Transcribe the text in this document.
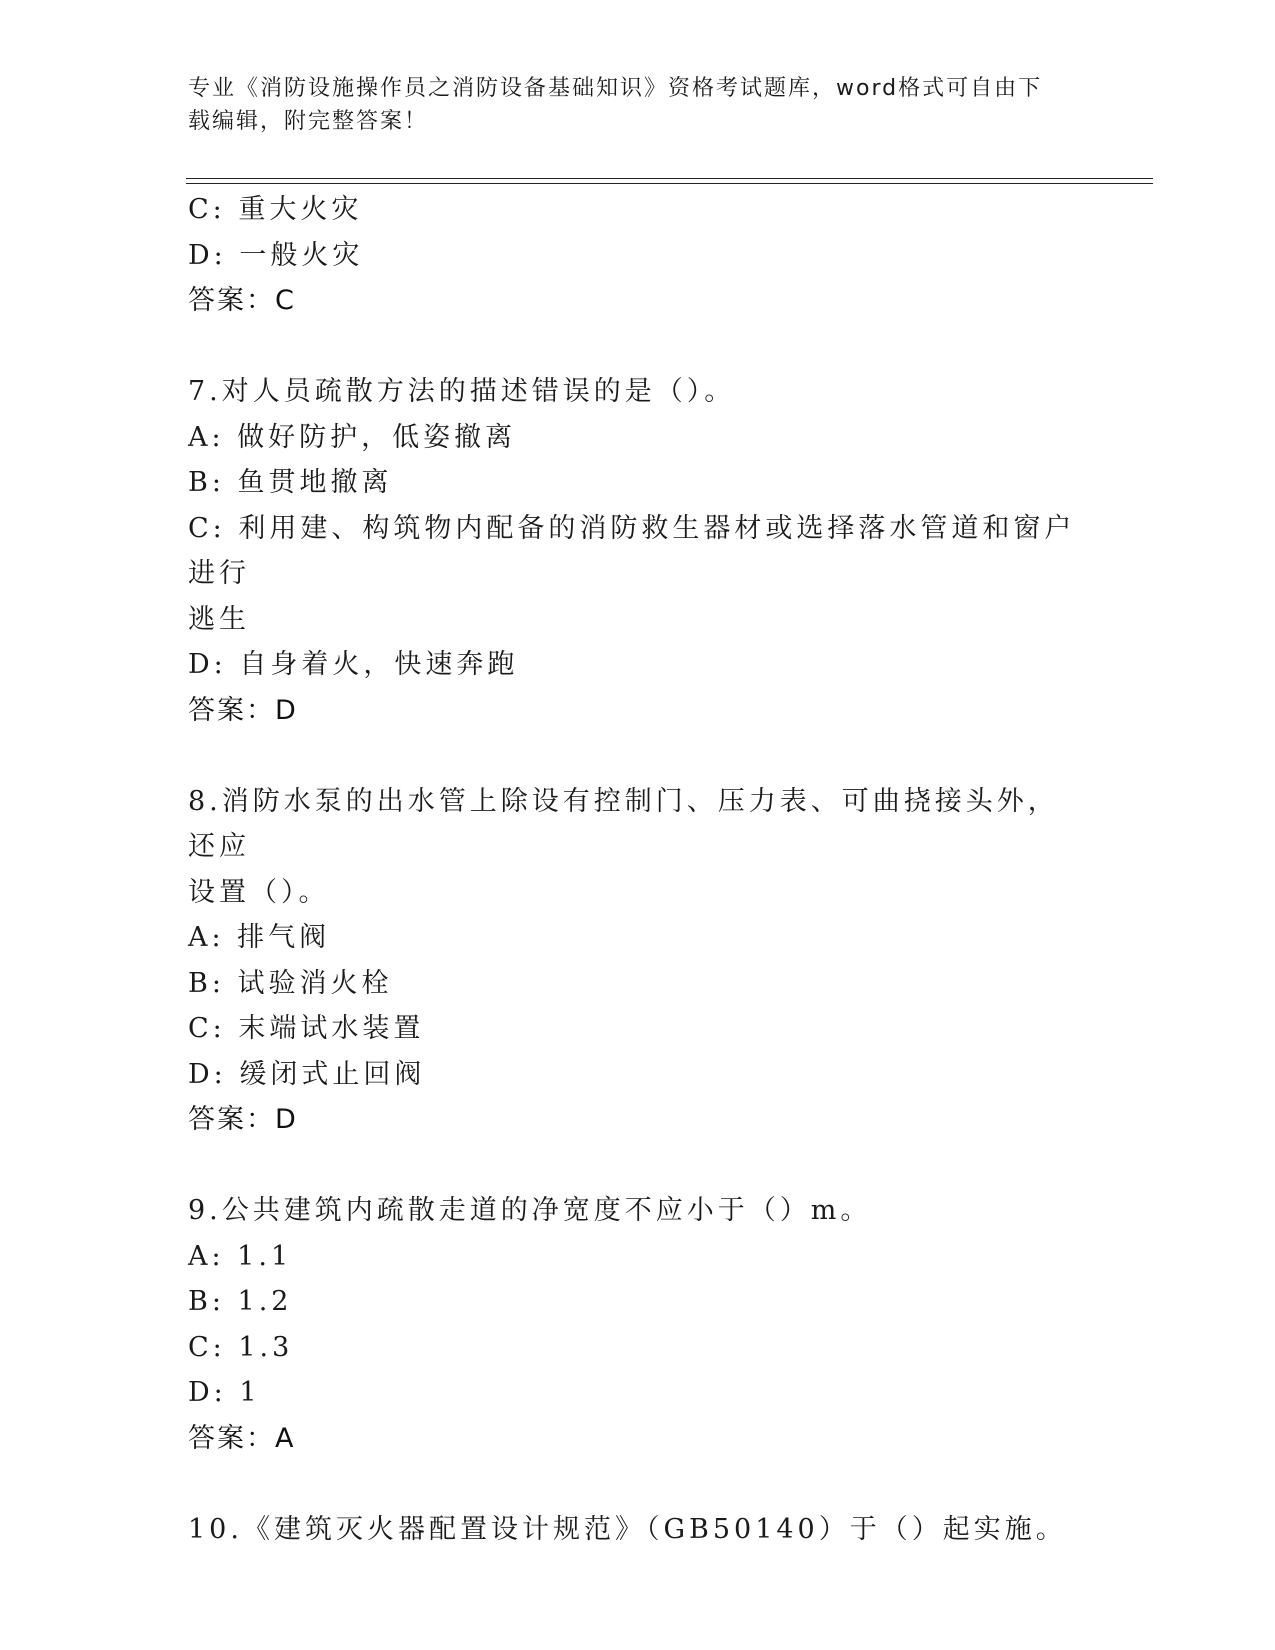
专业《消防设施操作员之消防设备基础知识》资格考试题库，word格式可自由下
载编辑，附完整答案！
C: 重大火灾
D: 一般火灾
答案：C
7.对人员疏散方法的描述错误的是（）。
A: 做好防护，低姿撤离
B: 鱼贯地撤离
C: 利用建、构筑物内配备的消防救生器材或选择落水管道和窗户进行
逃生
D: 自身着火，快速奔跑
答案：D
8.消防水泵的出水管上除设有控制门、压力表、可曲挠接头外，还应
设置（）。
A: 排气阀
B: 试验消火栓
C: 末端试水装置
D: 缓闭式止回阀
答案：D
9.公共建筑内疏散走道的净宽度不应小于（）m。
A: 1.1
B: 1.2
C: 1.3
D: 1
答案：A
10.《建筑灭火器配置设计规范》（GB50140）于（）起实施。
